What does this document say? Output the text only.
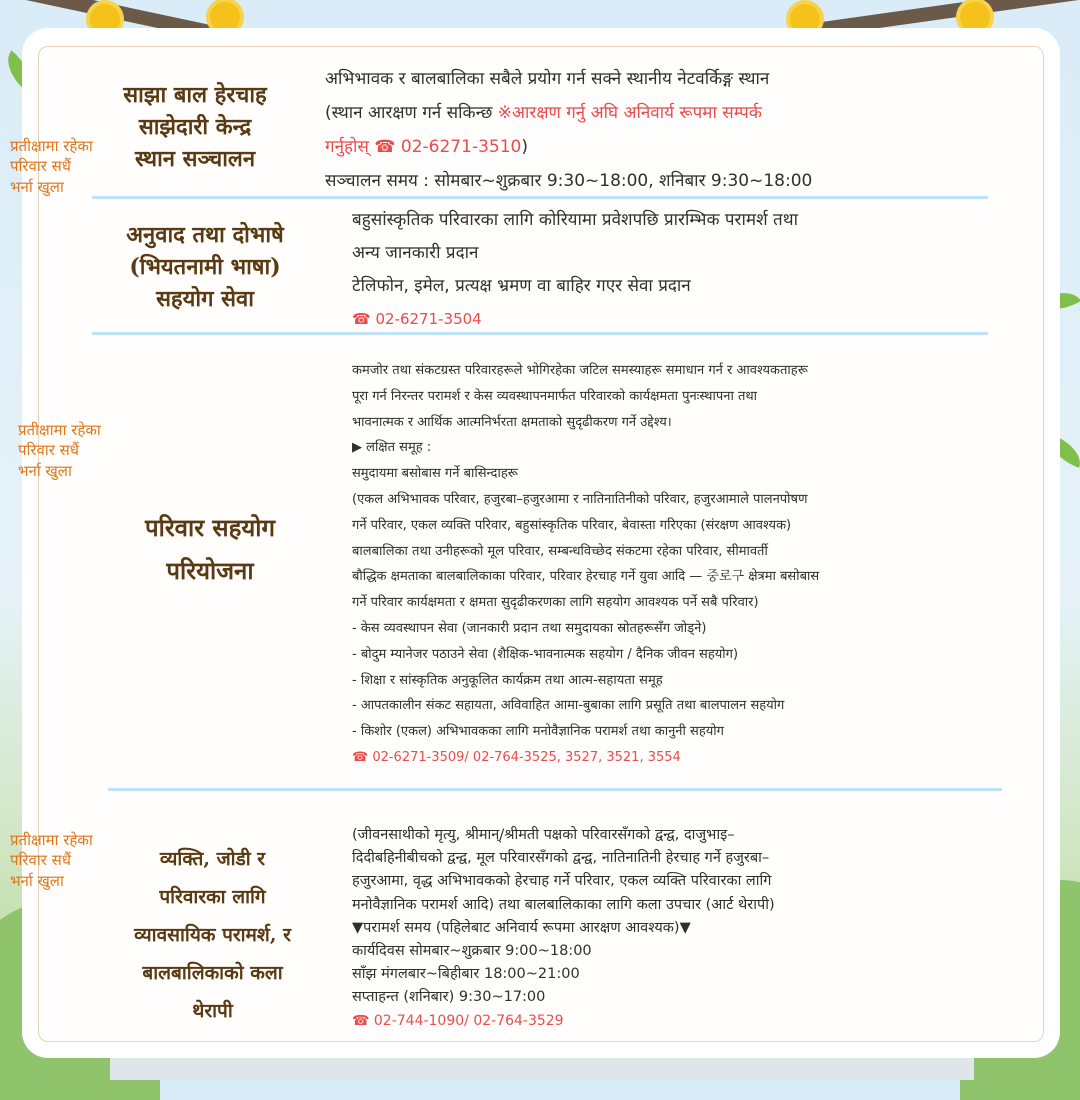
साझा बाल हेरचाह
साझेदारी केन्द्र
स्थान सञ्चालन
प्रतीक्षामा रहेका
परिवार सधैं
भर्ना खुला
अभिभावक र बालबालिका सबैले प्रयोग गर्न सक्ने स्थानीय नेटवर्किङ्ग स्थान
(स्थान आरक्षण गर्न सकिन्छ ※आरक्षण गर्नु अघि अनिवार्य रूपमा सम्पर्क
गर्नुहोस् ☎ 02-6271-3510)
सञ्चालन समय : सोमबार~शुक्रबार 9:30~18:00, शनिबार 9:30~18:00
अनुवाद तथा दोभाषे
(भियतनामी भाषा)
सहयोग सेवा
बहुसांस्कृतिक परिवारका लागि कोरियामा प्रवेशपछि प्रारम्भिक परामर्श तथा
अन्य जानकारी प्रदान
टेलिफोन, इमेल, प्रत्यक्ष भ्रमण वा बाहिर गएर सेवा प्रदान
☎ 02-6271-3504
परिवार सहयोग
परियोजना
प्रतीक्षामा रहेका
परिवार सधैं
भर्ना खुला
कमजोर तथा संकटग्रस्त परिवारहरूले भोगिरहेका जटिल समस्याहरू समाधान गर्न र आवश्यकताहरू
पूरा गर्न निरन्तर परामर्श र केस व्यवस्थापनमार्फत परिवारको कार्यक्षमता पुनःस्थापना तथा
भावनात्मक र आर्थिक आत्मनिर्भरता क्षमताको सुदृढीकरण गर्ने उद्देश्य।
▶ लक्षित समूह :
समुदायमा बसोबास गर्ने बासिन्दाहरू
(एकल अभिभावक परिवार, हजुरबा–हजुरआमा र नातिनातिनीको परिवार, हजुरआमाले पालनपोषण
गर्ने परिवार, एकल व्यक्ति परिवार, बहुसांस्कृतिक परिवार, बेवास्ता गरिएका (संरक्षण आवश्यक)
बालबालिका तथा उनीहरूको मूल परिवार, सम्बन्धविच्छेद संकटमा रहेका परिवार, सीमावर्ती
बौद्धिक क्षमताका बालबालिकाका परिवार, परिवार हेरचाह गर्ने युवा आदि — 중로구 क्षेत्रमा बसोबास
गर्ने परिवार कार्यक्षमता र क्षमता सुदृढीकरणका लागि सहयोग आवश्यक पर्ने सबै परिवार)
- केस व्यवस्थापन सेवा (जानकारी प्रदान तथा समुदायका स्रोतहरूसँग जोड्ने)
- बोदुम म्यानेजर पठाउने सेवा (शैक्षिक-भावनात्मक सहयोग / दैनिक जीवन सहयोग)
- शिक्षा र सांस्कृतिक अनुकूलित कार्यक्रम तथा आत्म-सहायता समूह
- आपतकालीन संकट सहायता, अविवाहित आमा-बुबाका लागि प्रसूति तथा बालपालन सहयोग
- किशोर (एकल) अभिभावकका लागि मनोवैज्ञानिक परामर्श तथा कानुनी सहयोग
☎ 02-6271-3509/ 02-764-3525, 3527, 3521, 3554
व्यक्ति, जोडी र
परिवारका लागि
व्यावसायिक परामर्श, र
बालबालिकाको कला
थेरापी
प्रतीक्षामा रहेका
परिवार सधैं
भर्ना खुला
(जीवनसाथीको मृत्यु, श्रीमान्/श्रीमती पक्षको परिवारसँगको द्वन्द्व, दाजुभाइ–
दिदीबहिनीबीचको द्वन्द्व, मूल परिवारसँगको द्वन्द्व, नातिनातिनी हेरचाह गर्ने हजुरबा–
हजुरआमा, वृद्ध अभिभावकको हेरचाह गर्ने परिवार, एकल व्यक्ति परिवारका लागि
मनोवैज्ञानिक परामर्श आदि) तथा बालबालिकाका लागि कला उपचार (आर्ट थेरापी)
▼परामर्श समय (पहिलेबाट अनिवार्य रूपमा आरक्षण आवश्यक)▼
कार्यदिवस सोमबार~शुक्रबार 9:00~18:00
साँझ मंगलबार~बिहीबार 18:00~21:00
सप्ताहन्त (शनिबार) 9:30~17:00
☎ 02-744-1090/ 02-764-3529
